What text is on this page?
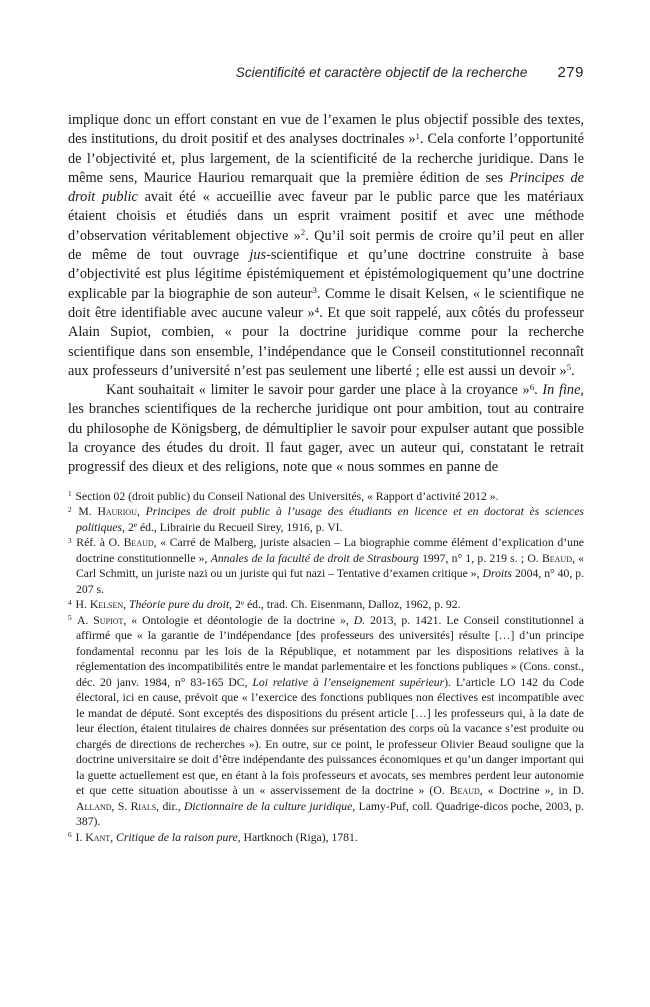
Scientificité et caractère objectif de la recherche 279

implique donc un effort constant en vue de l’examen le plus objectif possible des textes, des institutions, du droit positif et des analyses doctrinales »$^1$. Cela conforte l’opportunité de l’objectivité et, plus largement, de la scientificité de la recherche juridique. Dans le même sens, Maurice Hauriou remarquait que la première édition de ses Principes de droit public avait été « accueillie avec faveur par le public parce que les matériaux étaient choisis et étudiés dans un esprit vraiment positif et avec une méthode d’observation véritablement objective »$^2$. Qu’il soit permis de croire qu’il peut en aller de même de tout ouvrage jus-scientifique et qu’une doctrine construite à base d’objectivité est plus légitime épistémiquement et épistémologiquement qu’une doctrine explicable par la biographie de son auteur$^3$. Comme le disait Kelsen, « le scientifique ne doit être identifiable avec aucune valeur »$^4$. Et que soit rappelé, aux côtés du professeur Alain Supiot, combien, « pour la doctrine juridique comme pour la recherche scientifique dans son ensemble, l’indépendance que le Conseil constitutionnel reconnaît aux professeurs d’université n’est pas seulement une liberté ; elle est aussi un devoir »$^5$.

Kant souhaitait « limiter le savoir pour garder une place à la croyance »$^6$. In fine, les branches scientifiques de la recherche juridique ont pour ambition, tout au contraire du philosophe de Königsberg, de démultiplier le savoir pour expulser autant que possible la croyance des études du droit. Il faut gager, avec un auteur qui, constatant le retrait progressif des dieux et des religions, note que « nous sommes en panne de

$^1$ Section 02 (droit public) du Conseil National des Universités, « Rapport d’activité 2012 ».
$^2$ M. Hauriou, Principes de droit public à l’usage des étudiants en licence et en doctorat ès sciences politiques, 2e éd., Librairie du Recueil Sirey, 1916, p. VI.
$^3$ Réf. à O. Beaud, « Carré de Malberg, juriste alsacien – La biographie comme élément d’explication d’une doctrine constitutionnelle », Annales de la faculté de droit de Strasbourg 1997, n° 1, p. 219 s. ; O. Beaud, « Carl Schmitt, un juriste nazi ou un juriste qui fut nazi – Tentative d’examen critique », Droits 2004, n° 40, p. 207 s.
$^4$ H. Kelsen, Théorie pure du droit, 2e éd., trad. Ch. Eisenmann, Dalloz, 1962, p. 92.
$^5$ A. Supiot, « Ontologie et déontologie de la doctrine », D. 2013, p. 1421. Le Conseil constitutionnel a affirmé que « la garantie de l’indépendance [des professeurs des universités] résulte […] d’un principe fondamental reconnu par les lois de la République, et notamment par les dispositions relatives à la réglementation des incompatibilités entre le mandat parlementaire et les fonctions publiques » (Cons. const., déc. 20 janv. 1984, n° 83-165 DC, Loi relative à l’enseignement supérieur). L’article LO 142 du Code électoral, ici en cause, prévoit que « l’exercice des fonctions publiques non électives est incompatible avec le mandat de député. Sont exceptés des dispositions du présent article […] les professeurs qui, à la date de leur élection, étaient titulaires de chaires données sur présentation des corps où la vacance s’est produite ou chargés de directions de recherches »). En outre, sur ce point, le professeur Olivier Beaud souligne que la doctrine universitaire se doit d’être indépendante des puissances économiques et qu’un danger important qui la guette actuellement est que, en étant à la fois professeurs et avocats, ses membres perdent leur autonomie et que cette situation aboutisse à un « asservissement de la doctrine » (O. Beaud, « Doctrine », in D. Alland, S. Rials, dir., Dictionnaire de la culture juridique, Lamy-Puf, coll. Quadrige-dicos poche, 2003, p. 387).
$^6$ I. Kant, Critique de la raison pure, Hartknoch (Riga), 1781.
